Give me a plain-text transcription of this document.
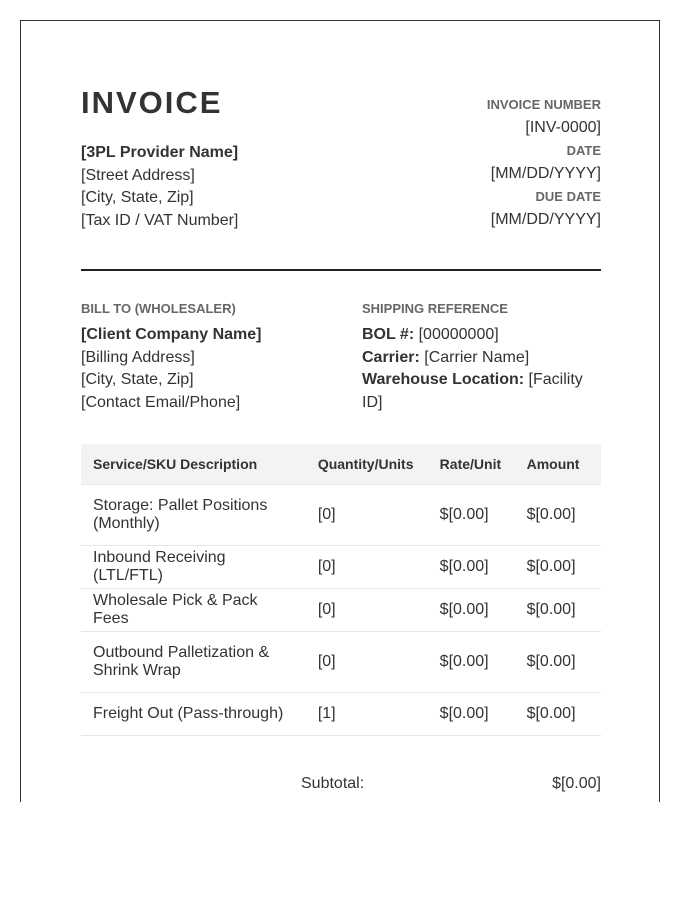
INVOICE
[3PL Provider Name]
[Street Address]
[City, State, Zip]
[Tax ID / VAT Number]
INVOICE NUMBER
[INV-0000]
DATE
[MM/DD/YYYY]
DUE DATE
[MM/DD/YYYY]
BILL TO (WHOLESALER)
[Client Company Name]
[Billing Address]
[City, State, Zip]
[Contact Email/Phone]
SHIPPING REFERENCE
BOL #: [00000000]
Carrier: [Carrier Name]
Warehouse Location: [Facility ID]
Service/SKU Description	Quantity/Units	Rate/Unit	Amount
Storage: Pallet Positions (Monthly)	[0]	$[0.00]	$[0.00]
Inbound Receiving (LTL/FTL)	[0]	$[0.00]	$[0.00]
Wholesale Pick & Pack Fees	[0]	$[0.00]	$[0.00]
Outbound Palletization & Shrink Wrap	[0]	$[0.00]	$[0.00]
Freight Out (Pass-through)	[1]	$[0.00]	$[0.00]
Subtotal:	$[0.00]
